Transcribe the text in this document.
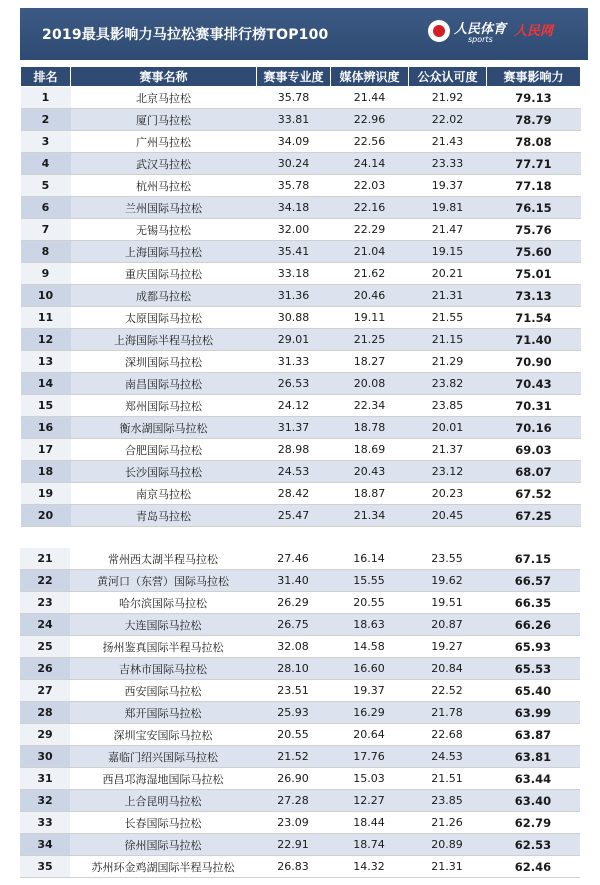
2019最具影响力马拉松赛事排行榜TOP100	人民体育
sports
人民网
排名	赛事名称	赛事专业度	媒体辨识度	公众认可度	赛事影响力
1	北京马拉松	35.78	21.44	21.92	79.13
2	厦门马拉松	33.81	22.96	22.02	78.79
3	广州马拉松	34.09	22.56	21.43	78.08
4	武汉马拉松	30.24	24.14	23.33	77.71
5	杭州马拉松	35.78	22.03	19.37	77.18
6	兰州国际马拉松	34.18	22.16	19.81	76.15
7	无锡马拉松	32.00	22.29	21.47	75.76
8	上海国际马拉松	35.41	21.04	19.15	75.60
9	重庆国际马拉松	33.18	21.62	20.21	75.01
10	成都马拉松	31.36	20.46	21.31	73.13
11	太原国际马拉松	30.88	19.11	21.55	71.54
12	上海国际半程马拉松	29.01	21.25	21.15	71.40
13	深圳国际马拉松	31.33	18.27	21.29	70.90
14	南昌国际马拉松	26.53	20.08	23.82	70.43
15	郑州国际马拉松	24.12	22.34	23.85	70.31
16	衡水湖国际马拉松	31.37	18.78	20.01	70.16
17	合肥国际马拉松	28.98	18.69	21.37	69.03
18	长沙国际马拉松	24.53	20.43	23.12	68.07
19	南京马拉松	28.42	18.87	20.23	67.52
20	青岛马拉松	25.47	21.34	20.45	67.25
21	常州西太湖半程马拉松	27.46	16.14	23.55	67.15
22	黄河口（东营）国际马拉松	31.40	15.55	19.62	66.57
23	哈尔滨国际马拉松	26.29	20.55	19.51	66.35
24	大连国际马拉松	26.75	18.63	20.87	66.26
25	扬州鉴真国际半程马拉松	32.08	14.58	19.27	65.93
26	吉林市国际马拉松	28.10	16.60	20.84	65.53
27	西安国际马拉松	23.51	19.37	22.52	65.40
28	郑开国际马拉松	25.93	16.29	21.78	63.99
29	深圳宝安国际马拉松	20.55	20.64	22.68	63.87
30	嘉临门绍兴国际马拉松	21.52	17.76	24.53	63.81
31	西昌邛海湿地国际马拉松	26.90	15.03	21.51	63.44
32	上合昆明马拉松	27.28	12.27	23.85	63.40
33	长春国际马拉松	23.09	18.44	21.26	62.79
34	徐州国际马拉松	22.91	18.74	20.89	62.53
35	苏州环金鸡湖国际半程马拉松	26.83	14.32	21.31	62.46
